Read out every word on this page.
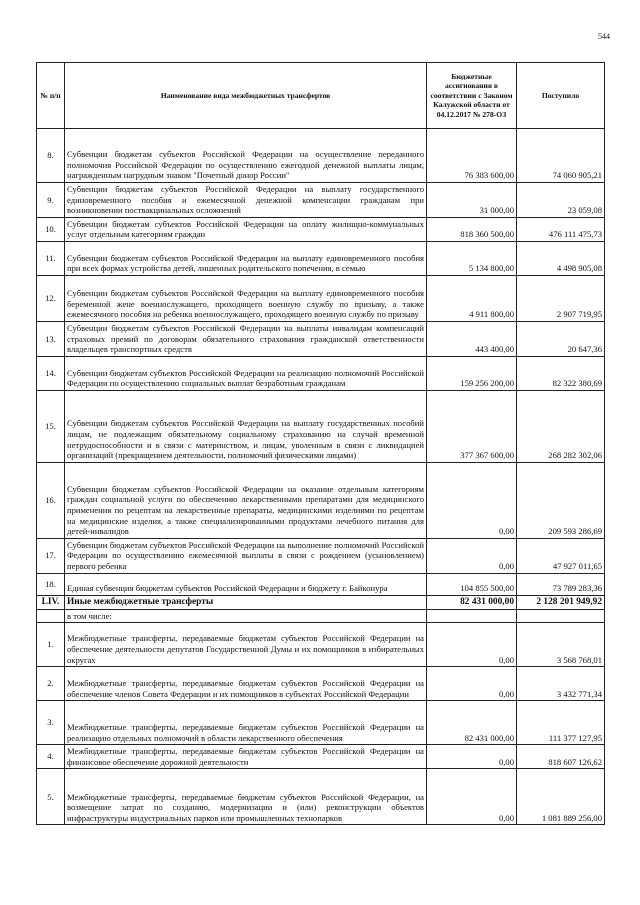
544
№ п/п	Наименование вида межбюджетных трансфертов	Бюджетные ассигнования в соответствии с Законом Калужской области от 04.12.2017 № 278-ОЗ	Поступило
8.	Субвенции бюджетам субъектов Российской Федерации на осуществление переданного полномочия Российской Федерации по осуществлению ежегодной денежной выплаты лицам, награжденным нагрудным знаком "Почетный донор России"	76 383 600,00	74 060 905,21
9.	Субвенции бюджетам субъектов Российской Федерации на выплату государственного единовременного пособия и ежемесячной денежной компенсации гражданам при возникновении поствакцинальных осложнений	31 000,00	23 059,08
10.	Субвенции бюджетам субъектов Российской Федерации на оплату жилищно-коммунальных услуг отдельным категориям граждан	818 360 500,00	476 111 475,73
11.	Субвенции бюджетам субъектов Российской Федерации на выплату единовременного пособия при всех формах устройства детей, лишенных родительского попечения, в семью	5 134 800,00	4 498 905,08
12.	Субвенции бюджетам субъектов Российской Федерации на выплату единовременного пособия беременной жене военнослужащего, проходящего военную службу по призыву, а также ежемесячного пособия на ребенка военнослужащего, проходящего военную службу по призыву	4 911 800,00	2 907 719,95
13.	Субвенции бюджетам субъектов Российской Федерации на выплаты инвалидам компенсаций страховых премий по договорам обязательного страхования гражданской ответственности владельцев транспортных средств	443 400,00	20 647,36
14.	Субвенции бюджетам субъектов Российской Федерации на реализацию полномочий Российской Федерации по осуществлению социальных выплат безработным гражданам	159 256 200,00	82 322 380,69
15.	Субвенции бюджетам субъектов Российской Федерации на выплату государственных пособий лицам, не подлежащим обязательному социальному страхованию на случай временной нетрудоспособности и в связи с материнством, и лицам, уволенным в связи с ликвидацией организаций (прекращением деятельности, полномочий физическими лицами)	377 367 600,00	268 282 302,06
16.	Субвенции бюджетам субъектов Российской Федерации на оказание отдельным категориям граждан социальной услуги по обеспечению лекарственными препаратами для медицинского применения по рецептам на лекарственные препараты, медицинскими изделиями по рецептам на медицинские изделия, а также специализированными продуктами лечебного питания для детей-инвалидов	0,00	209 593 286,69
17.	Субвенции бюджетам субъектов Российской Федерации на выполнение полномочий Российской Федерации по осуществлению ежемесячной выплаты в связи с рождением (усыновлением) первого ребенка	0,00	47 927 011,65
18.	Единая субвенция бюджетам субъектов Российской Федерации и бюджету г. Байконура	104 855 500,00	73 789 283,36
LIV.	Иные межбюджетные трансферты	82 431 000,00	2 128 201 949,92
	в том числе:		
1.	Межбюджетные трансферты, передаваемые бюджетам субъектов Российской Федерации на обеспечение деятельности депутатов Государственной Думы и их помощников в избирательных округах	0,00	3 568 768,01
2.	Межбюджетные трансферты, передаваемые бюджетам субъектов Российской Федерации на обеспечение членов Совета Федерации и их помощников в субъектах Российской Федерации	0,00	3 432 771,34
3.	Межбюджетные трансферты, передаваемые бюджетам субъектов Российской Федерации на реализацию отдельных полномочий в области лекарственного обеспечения	82 431 000,00	111 377 127,95
4.	Межбюджетные трансферты, передаваемые бюджетам субъектов Российской Федерации на финансовое обеспечение дорожной деятельности	0,00	818 607 126,62
5.	Межбюджетные трансферты, передаваемые бюджетам субъектов Российской Федерации, на возмещение затрат по созданию, модернизации и (или) реконструкции объектов инфраструктуры индустриальных парков или промышленных технопарков	0,00	1 081 889 256,00
